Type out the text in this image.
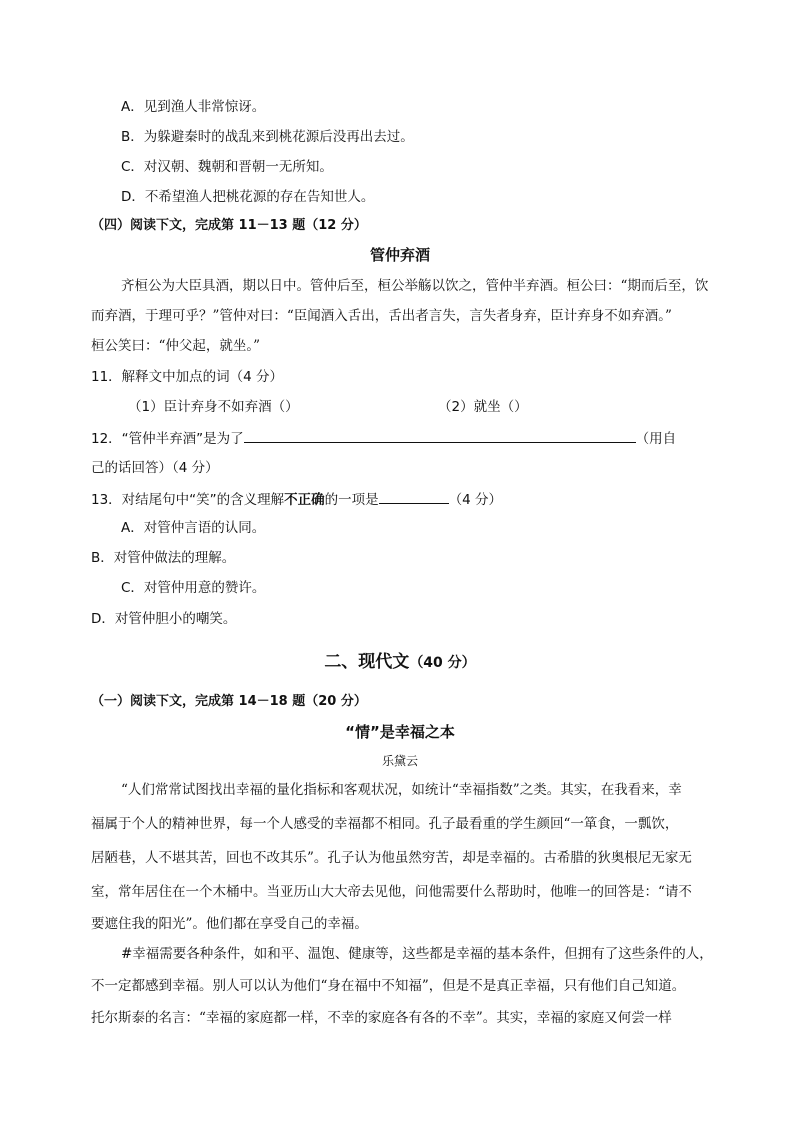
A．见到渔人非常惊讶。
B．为躲避秦时的战乱来到桃花源后没再出去过。
C．对汉朝、魏朝和晋朝一无所知。
D．不希望渔人把桃花源的存在告知世人。
（四）阅读下文，完成第 11－13 题（12 分）
管仲弃酒
齐桓公为大臣具酒，期以日中。管仲后至，桓公举觞以饮之，管仲半弃酒。桓公曰：“期而后至，饮
而弃酒，于理可乎？”管仲对曰：“臣闻酒入舌出，舌出者言失，言失者身弃，臣计弃身不如弃酒。”
桓公笑曰：“仲父起，就坐。”
11．解释文中加点的词（4 分）
（1）臣计弃身不如弃酒（）	（2）就坐（）
12．“管仲半弃酒”是为了	（用自
己的话回答）（4 分）
13．对结尾句中“笑”的含义理解不正确的一项是	（4 分）
A．对管仲言语的认同。
B．对管仲做法的理解。
C．对管仲用意的赞许。
D．对管仲胆小的嘲笑。
二、现代文（40 分）
（一）阅读下文，完成第 14－18 题（20 分）
“情”是幸福之本
乐黛云
“人们常常试图找出幸福的量化指标和客观状况，如统计“幸福指数”之类。其实，在我看来，幸
福属于个人的精神世界，每一个人感受的幸福都不相同。孔子最看重的学生颜回“一箪食，一瓢饮，
居陋巷，人不堪其苦，回也不改其乐”。孔子认为他虽然穷苦，却是幸福的。古希腊的狄奥根尼无家无
室，常年居住在一个木桶中。当亚历山大大帝去见他，问他需要什么帮助时，他唯一的回答是：“请不
要遮住我的阳光”。他们都在享受自己的幸福。
#幸福需要各种条件，如和平、温饱、健康等，这些都是幸福的基本条件，但拥有了这些条件的人，
不一定都感到幸福。别人可以认为他们“身在福中不知福”，但是不是真正幸福，只有他们自己知道。
托尔斯泰的名言：“幸福的家庭都一样，不幸的家庭各有各的不幸”。其实，幸福的家庭又何尝一样
